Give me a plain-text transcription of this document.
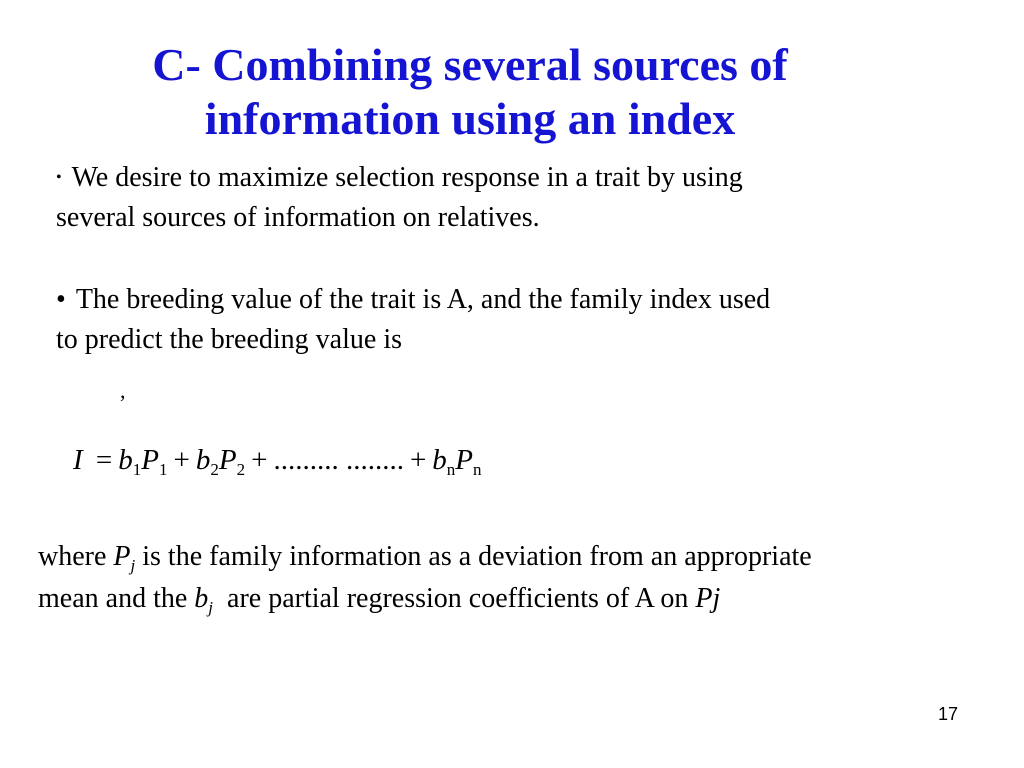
C- Combining several sources of
information using an index
• We desire to maximize selection response in a trait by using
several sources of information on relatives.
• The breeding value of the trait is A, and the family index used
to predict the breeding value is
,
$I = b_1P_1 + b_2P_2$ + ......... ........ + $b_nP_n$
where $P_j$ is the family information as a deviation from an appropriate
mean and the $b_j$ are partial regression coefficients of A on Pj
17
